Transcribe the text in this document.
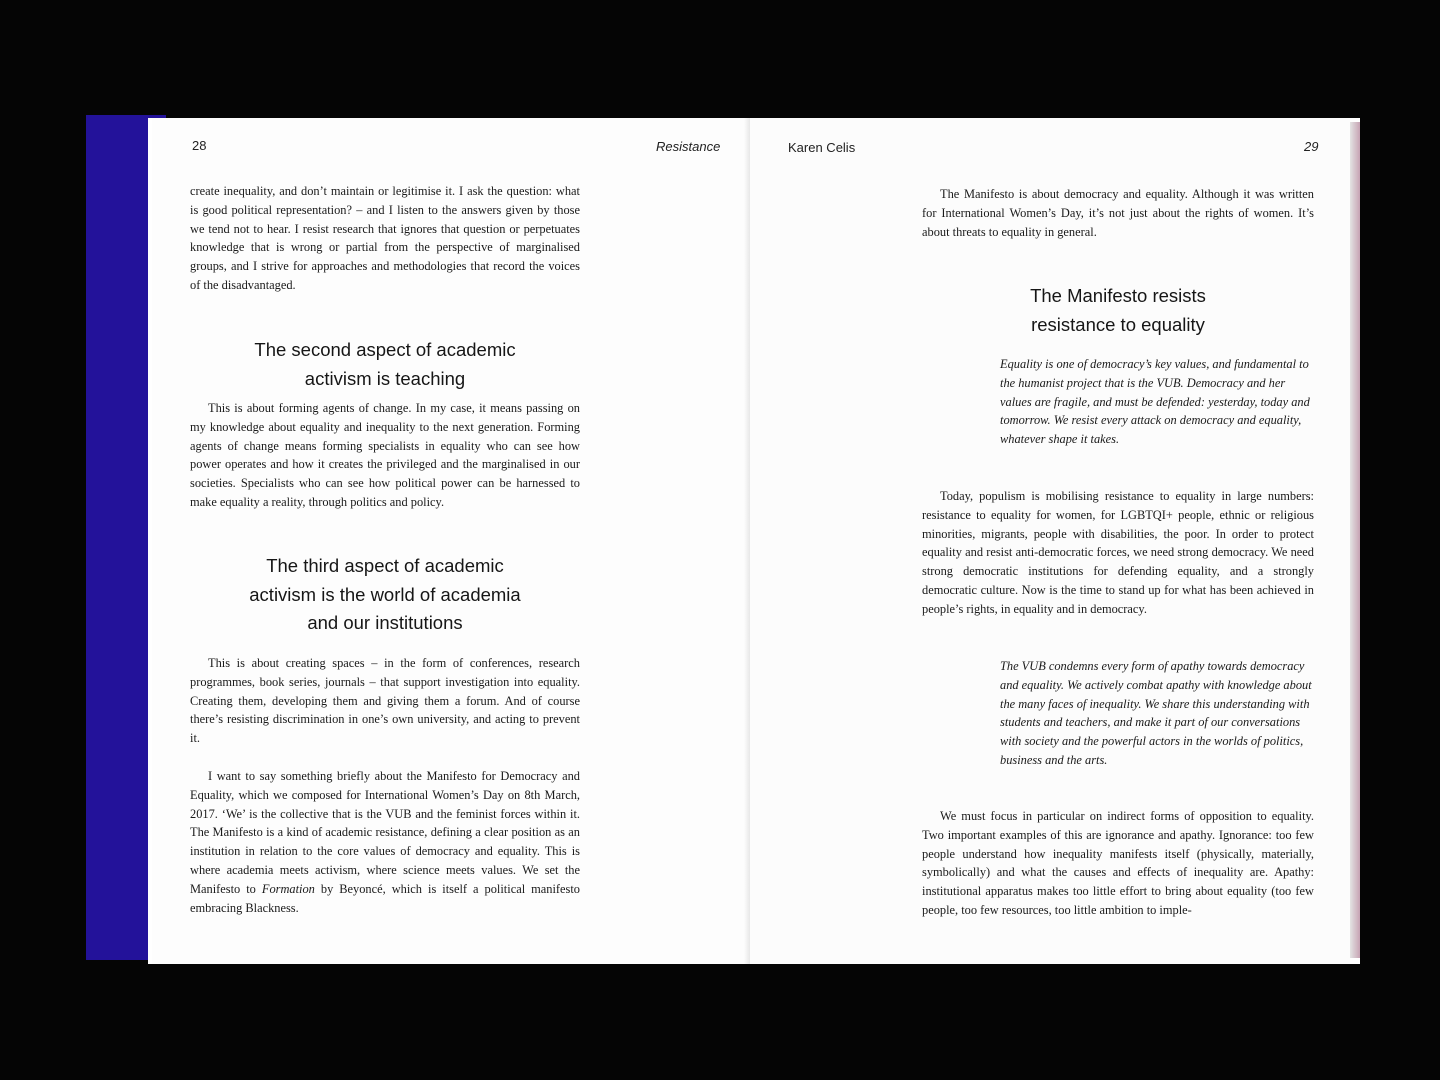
28	Resistance

create inequality, and don’t maintain or legitimise it. I ask the question: what is good political representation? – and I listen to the answers given by those we tend not to hear. I resist research that ignores that question or perpetuates knowledge that is wrong or partial from the perspective of marginalised groups, and I strive for approaches and methodologies that record the voices of the disadvantaged.

The second aspect of academic
activism is teaching

This is about forming agents of change. In my case, it means passing on my knowledge about equality and inequality to the next generation. Forming agents of change means forming specialists in equality who can see how power operates and how it creates the privileged and the marginalised in our societies. Specialists who can see how political power can be harnessed to make equality a reality, through politics and policy.

The third aspect of academic
activism is the world of academia
and our institutions

This is about creating spaces – in the form of conferences, research programmes, book series, journals – that support investigation into equality. Creating them, developing them and giving them a forum. And of course there’s resisting discrimination in one’s own university, and acting to prevent it.

I want to say something briefly about the Manifesto for Democracy and Equality, which we composed for International Women’s Day on 8th March, 2017. ‘We’ is the collective that is the VUB and the feminist forces within it. The Manifesto is a kind of academic resistance, defining a clear position as an institution in relation to the core values of democracy and equality. This is where academia meets activism, where science meets values. We set the Manifesto to Formation by Beyoncé, which is itself a political manifesto embracing Blackness.

Karen Celis	29

The Manifesto is about democracy and equality. Although it was written for International Women’s Day, it’s not just about the rights of women. It’s about threats to equality in general.

The Manifesto resists
resistance to equality

Equality is one of democracy’s key values, and fundamental to the humanist project that is the VUB. Democracy and her values are fragile, and must be defended: yesterday, today and tomorrow. We resist every attack on democracy and equality, whatever shape it takes.

Today, populism is mobilising resistance to equality in large numbers: resistance to equality for women, for LGBTQI+ people, ethnic or religious minorities, migrants, people with disabilities, the poor. In order to protect equality and resist anti-democratic forces, we need strong democracy. We need strong democratic institutions for defending equality, and a strongly democratic culture. Now is the time to stand up for what has been achieved in people’s rights, in equality and in democracy.

The VUB condemns every form of apathy towards democracy and equality. We actively combat apathy with knowledge about the many faces of inequality. We share this understanding with students and teachers, and make it part of our conversations with society and the powerful actors in the worlds of politics, business and the arts.

We must focus in particular on indirect forms of opposition to equality. Two important examples of this are ignorance and apathy. Ignorance: too few people understand how inequality manifests itself (physically, materially, symbolically) and what the causes and effects of inequality are. Apathy: institutional apparatus makes too little effort to bring about equality (too few people, too few resources, too little ambition to imple-
